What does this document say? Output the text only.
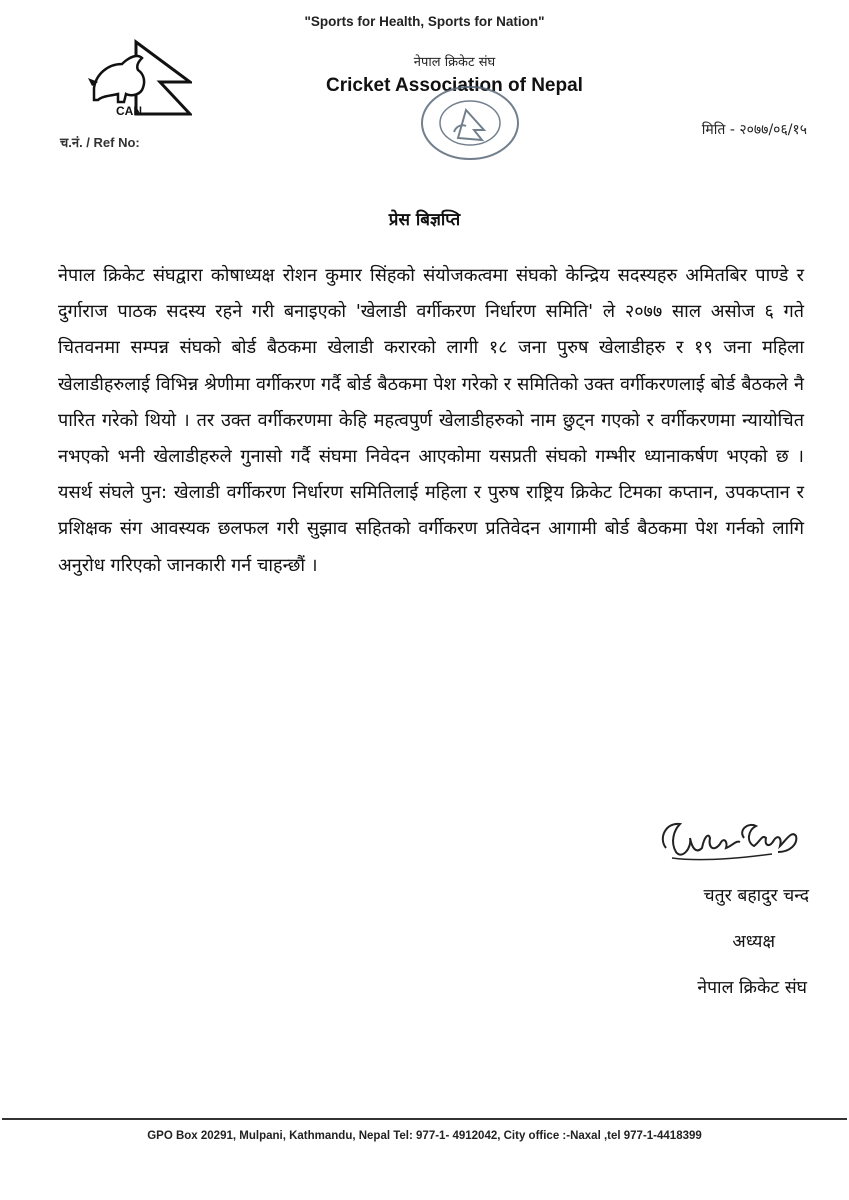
"Sports for Health, Sports for Nation"
CAN
नेपाल क्रिकेट संघ
Cricket Association of Nepal
च.नं. / Ref No:
मिति - २०७७/०६/१५
प्रेस बिज्ञप्ति
नेपाल क्रिकेट संघद्वारा कोषाध्यक्ष रोशन कुमार सिंहको संयोजकत्वमा संघको केन्द्रिय सदस्यहरु अमितबिर पाण्डे र दुर्गाराज पाठक सदस्य रहने गरी बनाइएको 'खेलाडी वर्गीकरण निर्धारण समिति' ले २०७७ साल असोज ६ गते चितवनमा सम्पन्न संघको बोर्ड बैठकमा खेलाडी करारको लागी १८ जना पुरुष खेलाडीहरु र १९ जना महिला खेलाडीहरुलाई विभिन्न श्रेणीमा वर्गीकरण गर्दै बोर्ड बैठकमा पेश गरेको र समितिको उक्त वर्गीकरणलाई बोर्ड बैठकले नै पारित गरेको थियो । तर उक्त वर्गीकरणमा केहि महत्वपुर्ण खेलाडीहरुको नाम छुट्न गएको र वर्गीकरणमा न्यायोचित नभएको भनी खेलाडीहरुले गुनासो गर्दै संघमा निवेदन आएकोमा यसप्रती संघको गम्भीर ध्यानाकर्षण भएको छ । यसर्थ संघले पुन: खेलाडी वर्गीकरण निर्धारण समितिलाई महिला र पुरुष राष्ट्रिय क्रिकेट टिमका कप्तान, उपकप्तान र प्रशिक्षक संग आवस्यक छलफल गरी सुझाव सहितको वर्गीकरण प्रतिवेदन आगामी बोर्ड बैठकमा पेश गर्नको लागि अनुरोध गरिएको जानकारी गर्न चाहन्छौं ।
चतुर बहादुर चन्द
अध्यक्ष
नेपाल क्रिकेट संघ
GPO Box 20291, Mulpani, Kathmandu, Nepal Tel: 977-1- 4912042, City office :-Naxal ,tel 977-1-4418399
